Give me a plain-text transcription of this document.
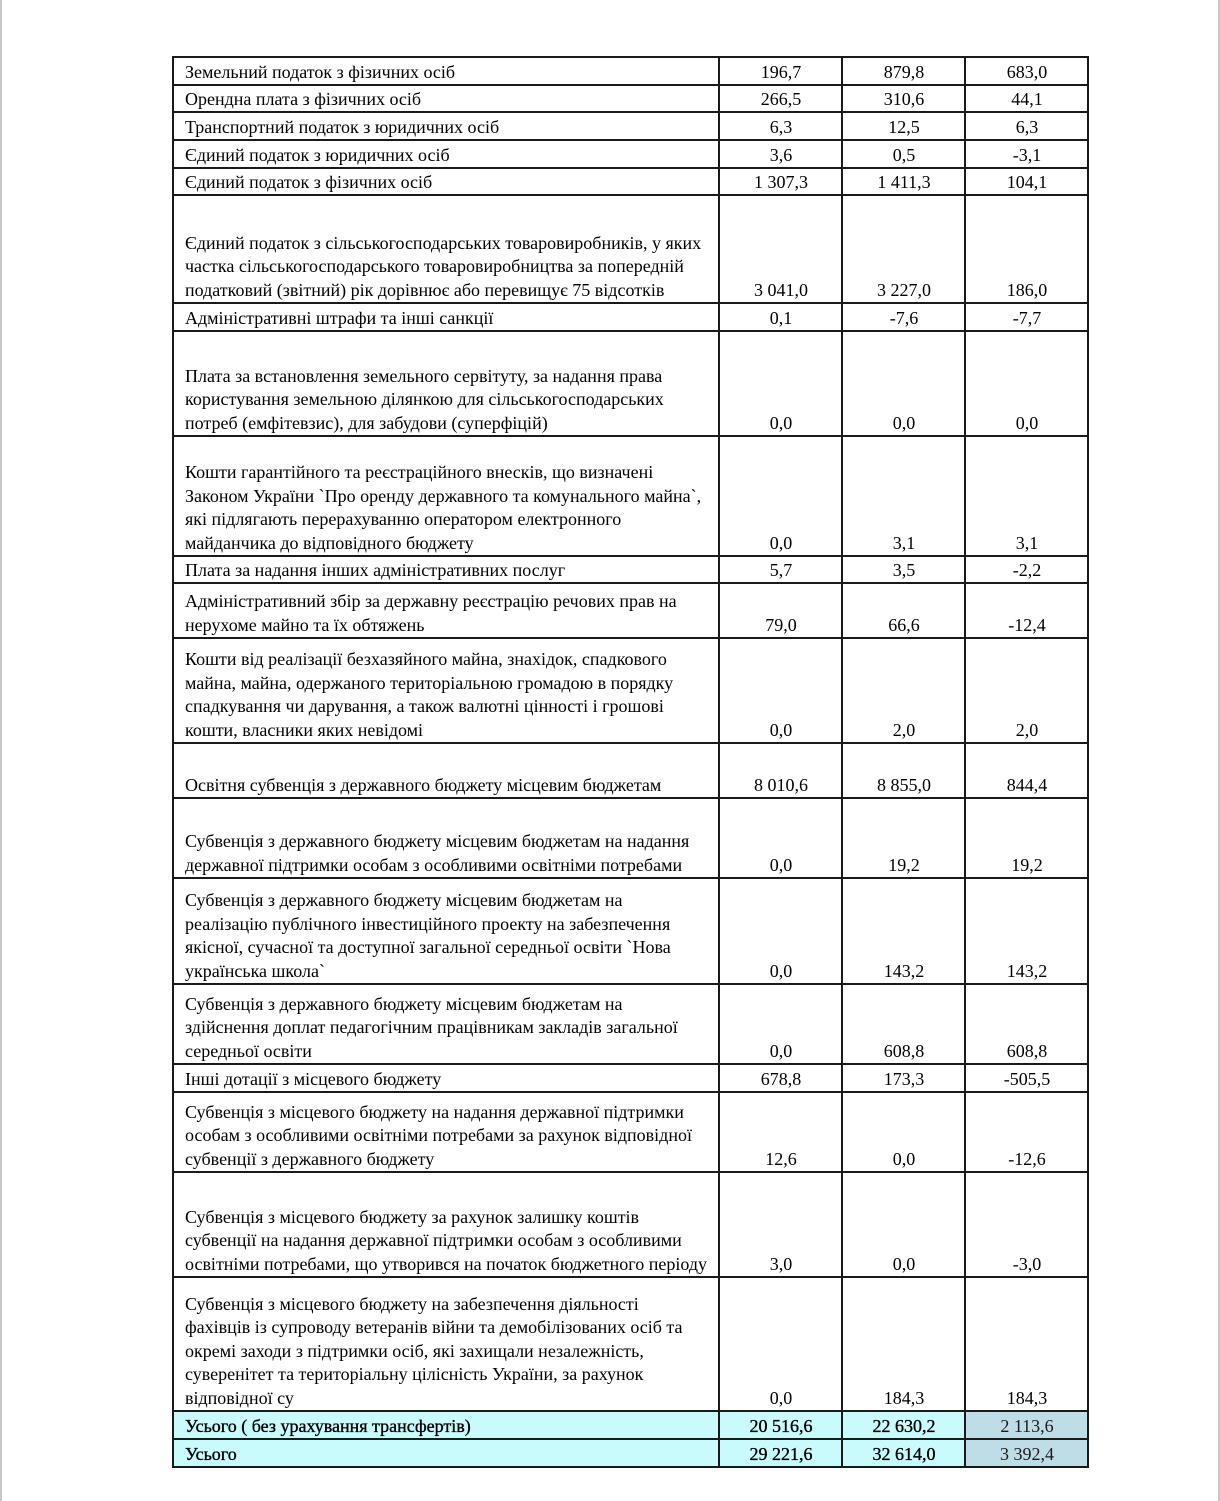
Земельний податок з фізичних осіб	196,7	879,8	683,0
Орендна плата з фізичних осіб	266,5	310,6	44,1
Транспортний податок з юридичних осіб	6,3	12,5	6,3
Єдиний податок з юридичних осіб	3,6	0,5	-3,1
Єдиний податок з фізичних осіб	1 307,3	1 411,3	104,1
Єдиний податок з сільськогосподарських товаровиробників, у яких частка сільськогосподарського товаровиробництва за попередній податковий (звітний) рік дорівнює або перевищує 75 відсотків	3 041,0	3 227,0	186,0
Адміністративні штрафи та інші санкції	0,1	-7,6	-7,7
Плата за встановлення земельного сервітуту, за надання права користування земельною ділянкою для сільськогосподарських потреб (емфітевзис), для забудови (суперфіцій)	0,0	0,0	0,0
Кошти гарантійного та реєстраційного внесків, що визначені Законом України `Про оренду державного та комунального майна`, які підлягають перерахуванню оператором електронного майданчика до відповідного бюджету	0,0	3,1	3,1
Плата за надання інших адміністративних послуг	5,7	3,5	-2,2
Адміністративний збір за державну реєстрацію речових прав на нерухоме майно та їх обтяжень	79,0	66,6	-12,4
Кошти від реалізації безхазяйного майна, знахідок, спадкового майна, майна, одержаного територіальною громадою в порядку спадкування чи дарування, а також валютні цінності і грошові кошти, власники яких невідомі	0,0	2,0	2,0
Освітня субвенція з державного бюджету місцевим бюджетам	8 010,6	8 855,0	844,4
Субвенція з державного бюджету місцевим бюджетам на надання державної підтримки особам з особливими освітніми потребами	0,0	19,2	19,2
Субвенція з державного бюджету місцевим бюджетам на реалізацію публічного інвестиційного проекту на забезпечення якісної, сучасної та доступної загальної середньої освіти `Нова українська школа`	0,0	143,2	143,2
Субвенція з державного бюджету місцевим бюджетам на здійснення доплат педагогічним працівникам закладів загальної середньої освіти	0,0	608,8	608,8
Інші дотації з місцевого бюджету	678,8	173,3	-505,5
Субвенція з місцевого бюджету на надання державної підтримки особам з особливими освітніми потребами за рахунок відповідної субвенції з державного бюджету	12,6	0,0	-12,6
Субвенція з місцевого бюджету за рахунок залишку коштів субвенції на надання державної підтримки особам з особливими освітніми потребами, що утворився на початок бюджетного періоду	3,0	0,0	-3,0
Субвенція з місцевого бюджету на забезпечення діяльності фахівців із супроводу ветеранів війни та демобілізованих осіб та окремі заходи з підтримки осіб, які захищали незалежність, суверенітет та територіальну цілісність України, за рахунок відповідної су	0,0	184,3	184,3
Усього ( без урахування трансфертів)	20 516,6	22 630,2	2 113,6
Усього	29 221,6	32 614,0	3 392,4
